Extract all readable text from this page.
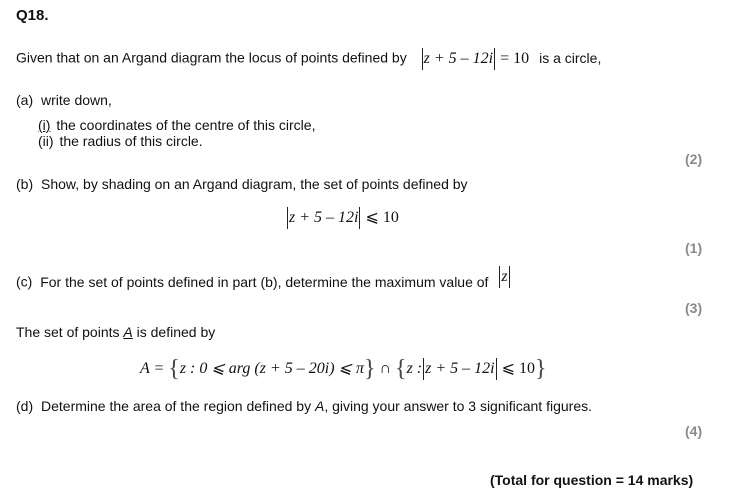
Q18.
Given that on an Argand diagram the locus of points defined by z + 5 – 12i = 10 is a circle,
(a) write down,
(i) the coordinates of the centre of this circle,
(ii) the radius of this circle.
(2)
(b) Show, by shading on an Argand diagram, the set of points defined by
z + 5 – 12i ⩽ 10
(1)
(c) For the set of points defined in part (b), determine the maximum value of z
(3)
The set of points A is defined by
A = {z : 0 ⩽ arg (z + 5 – 20i) ⩽ π} ∩ {z : z + 5 – 12i ⩽ 10}
(d) Determine the area of the region defined by A, giving your answer to 3 significant figures.
(4)
(Total for question = 14 marks)
